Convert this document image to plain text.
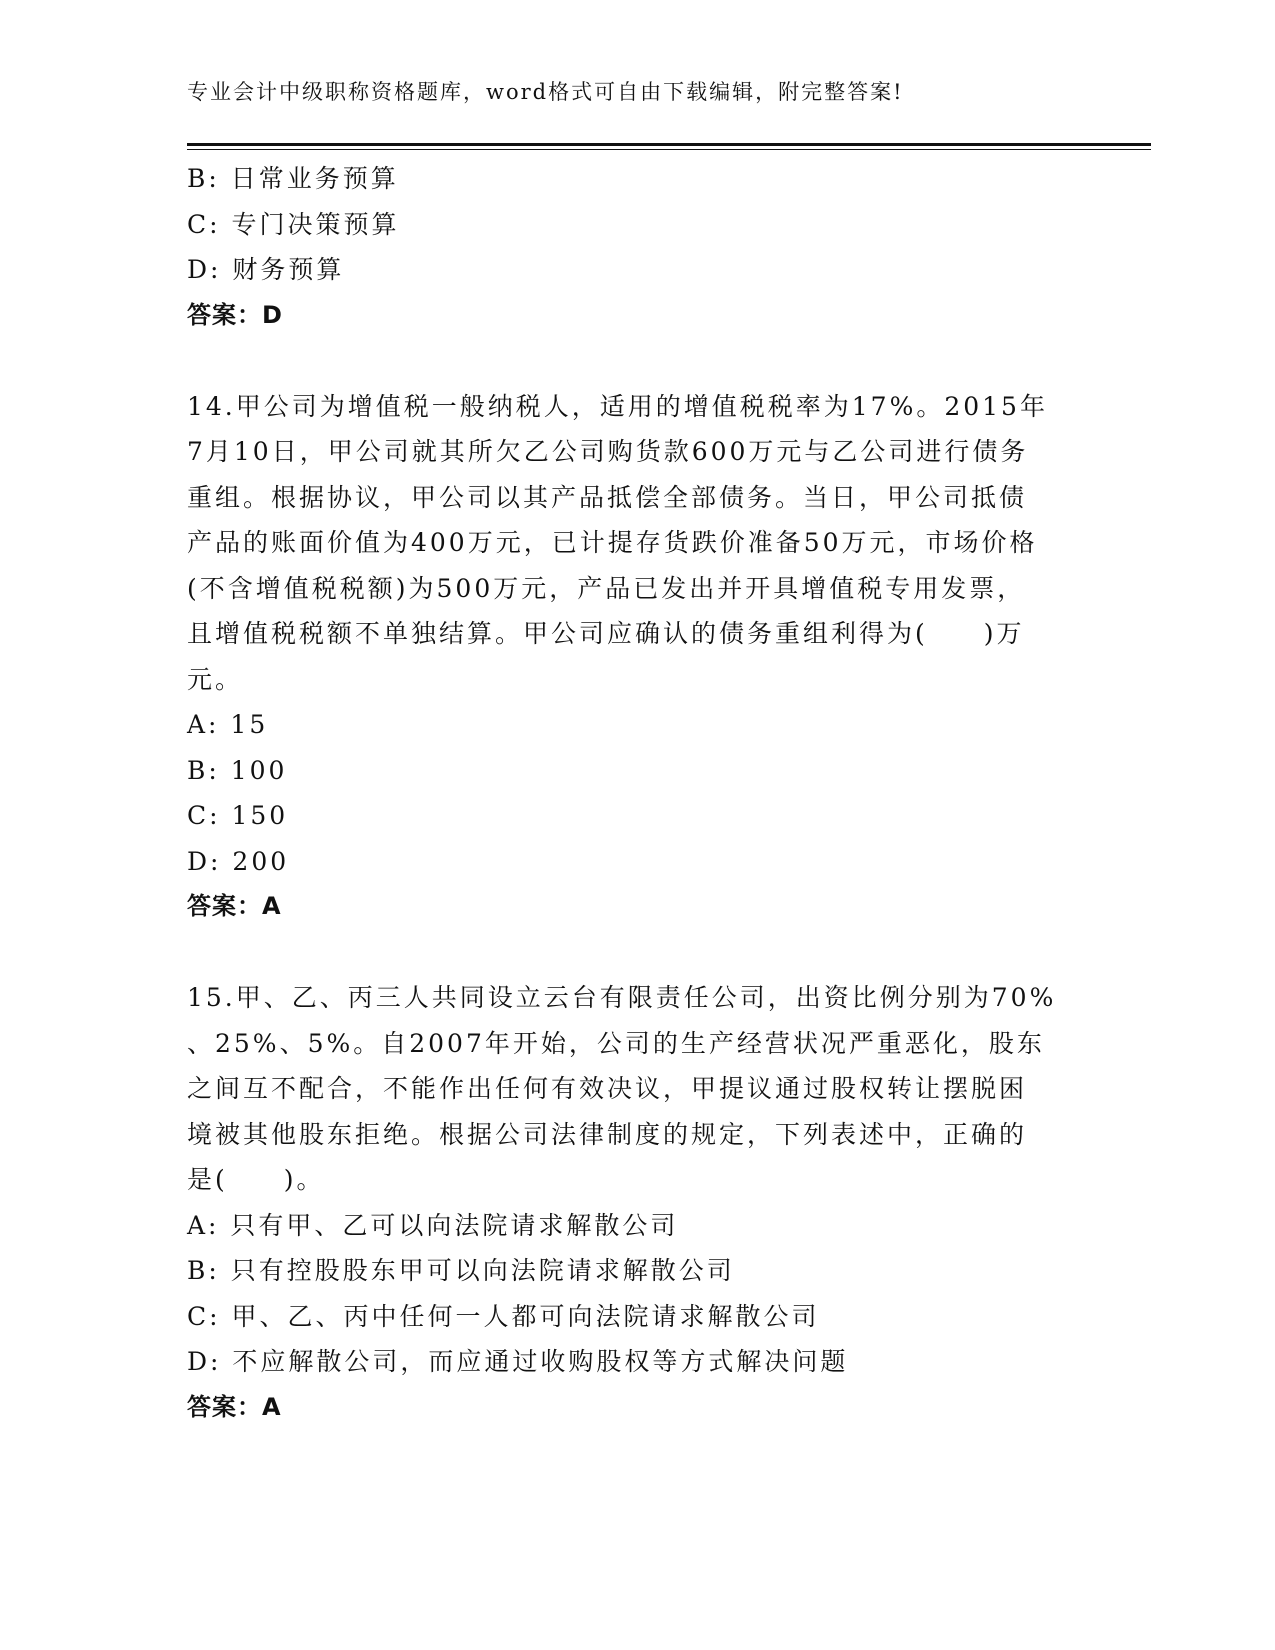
专业会计中级职称资格题库，word格式可自由下载编辑，附完整答案!
B: 日常业务预算
C: 专门决策预算
D: 财务预算
答案：D
14.甲公司为增值税一般纳税人，适用的增值税税率为17%。2015年
7月10日，甲公司就其所欠乙公司购货款600万元与乙公司进行债务
重组。根据协议，甲公司以其产品抵偿全部债务。当日，甲公司抵债
产品的账面价值为400万元，已计提存货跌价准备50万元，市场价格
(不含增值税税额)为500万元，产品已发出并开具增值税专用发票，
且增值税税额不单独结算。甲公司应确认的债务重组利得为(　　)万
元。
A: 15
B: 100
C: 150
D: 200
答案：A
15.甲、乙、丙三人共同设立云台有限责任公司，出资比例分别为70%
、25%、5%。自2007年开始，公司的生产经营状况严重恶化，股东
之间互不配合，不能作出任何有效决议，甲提议通过股权转让摆脱困
境被其他股东拒绝。根据公司法律制度的规定，下列表述中，正确的
是(　　)。
A: 只有甲、乙可以向法院请求解散公司
B: 只有控股股东甲可以向法院请求解散公司
C: 甲、乙、丙中任何一人都可向法院请求解散公司
D: 不应解散公司，而应通过收购股权等方式解决问题
答案：A
